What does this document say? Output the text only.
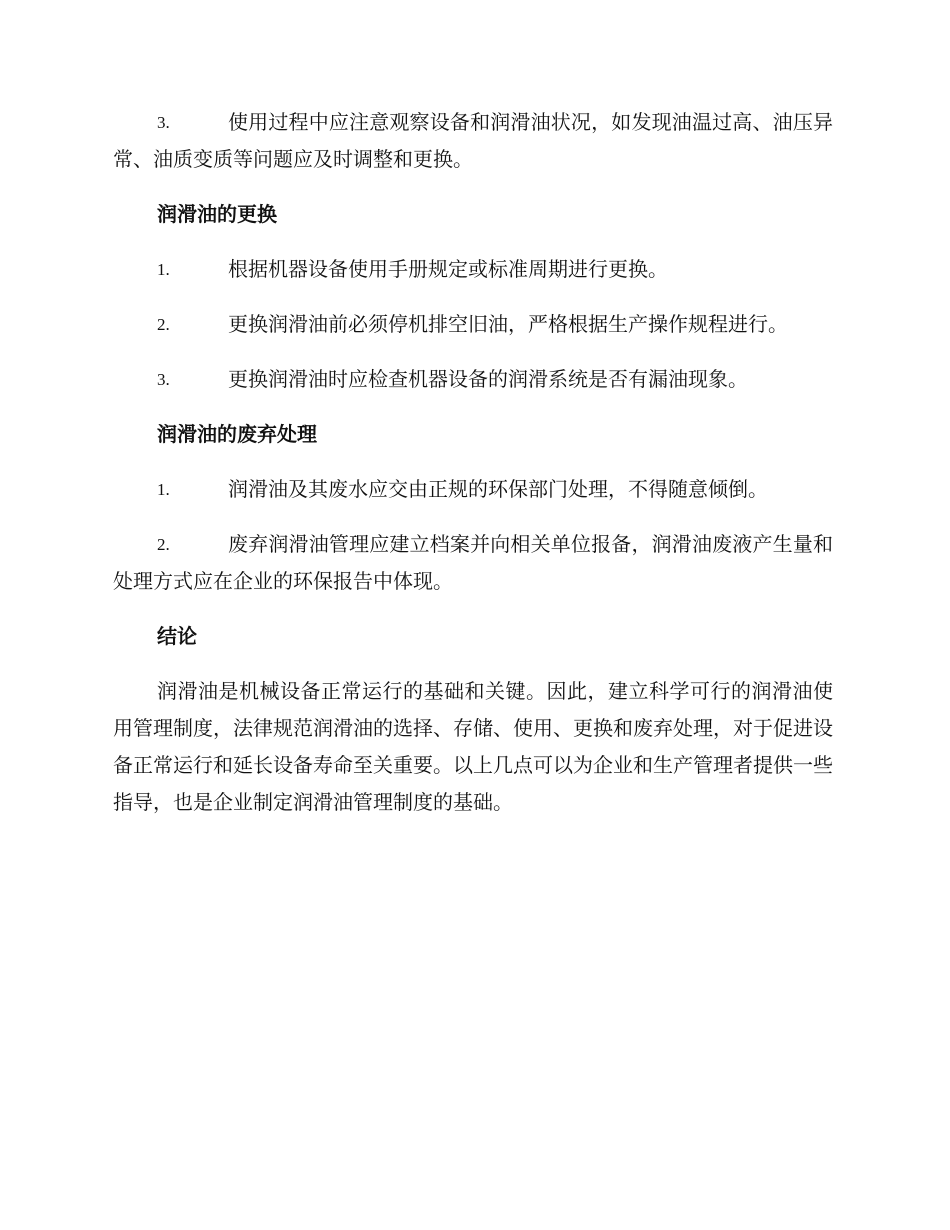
3.	使用过程中应注意观察设备和润滑油状况，如发现油温过高、油压异常、油质变质等问题应及时调整和更换。
润滑油的更换
1.	根据机器设备使用手册规定或标准周期进行更换。
2.	更换润滑油前必须停机排空旧油，严格根据生产操作规程进行。
3.	更换润滑油时应检查机器设备的润滑系统是否有漏油现象。
润滑油的废弃处理
1.	润滑油及其废水应交由正规的环保部门处理，不得随意倾倒。
2.	废弃润滑油管理应建立档案并向相关单位报备，润滑油废液产生量和处理方式应在企业的环保报告中体现。
结论

润滑油是机械设备正常运行的基础和关键。因此，建立科学可行的润滑油使用管理制度，法律规范润滑油的选择、存储、使用、更换和废弃处理，对于促进设备正常运行和延长设备寿命至关重要。以上几点可以为企业和生产管理者提供一些指导，也是企业制定润滑油管理制度的基础。
